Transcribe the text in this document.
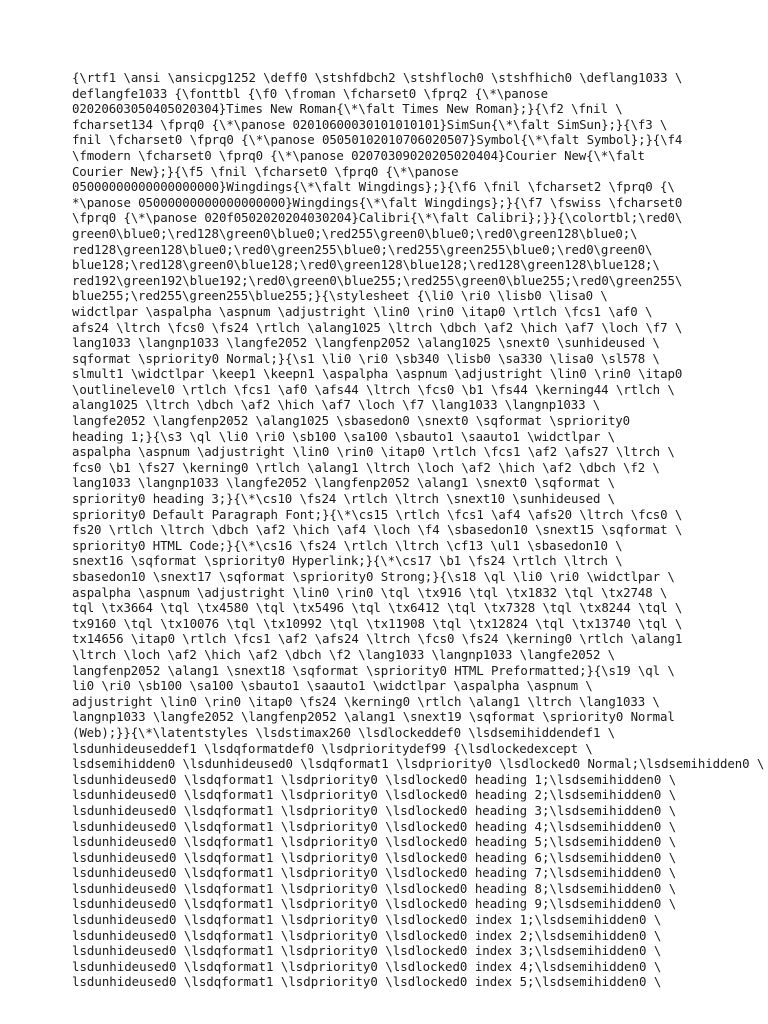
{\rtf1 \ansi \ansicpg1252 \deff0 \stshfdbch2 \stshfloch0 \stshfhich0 \deflang1033 \
deflangfe1033 {\fonttbl {\f0 \froman \fcharset0 \fprq2 {\*\panose
02020603050405020304}Times New Roman{\*\falt Times New Roman};}{\f2 \fnil \
fcharset134 \fprq0 {\*\panose 02010600030101010101}SimSun{\*\falt SimSun};}{\f3 \
fnil \fcharset0 \fprq0 {\*\panose 05050102010706020507}Symbol{\*\falt Symbol};}{\f4
\fmodern \fcharset0 \fprq0 {\*\panose 02070309020205020404}Courier New{\*\falt
Courier New};}{\f5 \fnil \fcharset0 \fprq0 {\*\panose
05000000000000000000}Wingdings{\*\falt Wingdings};}{\f6 \fnil \fcharset2 \fprq0 {\
*\panose 05000000000000000000}Wingdings{\*\falt Wingdings};}{\f7 \fswiss \fcharset0
\fprq0 {\*\panose 020f0502020204030204}Calibri{\*\falt Calibri};}}{\colortbl;\red0\
green0\blue0;\red128\green0\blue0;\red255\green0\blue0;\red0\green128\blue0;\
red128\green128\blue0;\red0\green255\blue0;\red255\green255\blue0;\red0\green0\
blue128;\red128\green0\blue128;\red0\green128\blue128;\red128\green128\blue128;\
red192\green192\blue192;\red0\green0\blue255;\red255\green0\blue255;\red0\green255\
blue255;\red255\green255\blue255;}{\stylesheet {\li0 \ri0 \lisb0 \lisa0 \
widctlpar \aspalpha \aspnum \adjustright \lin0 \rin0 \itap0 \rtlch \fcs1 \af0 \
afs24 \ltrch \fcs0 \fs24 \rtlch \alang1025 \ltrch \dbch \af2 \hich \af7 \loch \f7 \
lang1033 \langnp1033 \langfe2052 \langfenp2052 \alang1025 \snext0 \sunhideused \
sqformat \spriority0 Normal;}{\s1 \li0 \ri0 \sb340 \lisb0 \sa330 \lisa0 \sl578 \
slmult1 \widctlpar \keep1 \keepn1 \aspalpha \aspnum \adjustright \lin0 \rin0 \itap0
\outlinelevel0 \rtlch \fcs1 \af0 \afs44 \ltrch \fcs0 \b1 \fs44 \kerning44 \rtlch \
alang1025 \ltrch \dbch \af2 \hich \af7 \loch \f7 \lang1033 \langnp1033 \
langfe2052 \langfenp2052 \alang1025 \sbasedon0 \snext0 \sqformat \spriority0
heading 1;}{\s3 \ql \li0 \ri0 \sb100 \sa100 \sbauto1 \saauto1 \widctlpar \
aspalpha \aspnum \adjustright \lin0 \rin0 \itap0 \rtlch \fcs1 \af2 \afs27 \ltrch \
fcs0 \b1 \fs27 \kerning0 \rtlch \alang1 \ltrch \loch \af2 \hich \af2 \dbch \f2 \
lang1033 \langnp1033 \langfe2052 \langfenp2052 \alang1 \snext0 \sqformat \
spriority0 heading 3;}{\*\cs10 \fs24 \rtlch \ltrch \snext10 \sunhideused \
spriority0 Default Paragraph Font;}{\*\cs15 \rtlch \fcs1 \af4 \afs20 \ltrch \fcs0 \
fs20 \rtlch \ltrch \dbch \af2 \hich \af4 \loch \f4 \sbasedon10 \snext15 \sqformat \
spriority0 HTML Code;}{\*\cs16 \fs24 \rtlch \ltrch \cf13 \ul1 \sbasedon10 \
snext16 \sqformat \spriority0 Hyperlink;}{\*\cs17 \b1 \fs24 \rtlch \ltrch \
sbasedon10 \snext17 \sqformat \spriority0 Strong;}{\s18 \ql \li0 \ri0 \widctlpar \
aspalpha \aspnum \adjustright \lin0 \rin0 \tql \tx916 \tql \tx1832 \tql \tx2748 \
tql \tx3664 \tql \tx4580 \tql \tx5496 \tql \tx6412 \tql \tx7328 \tql \tx8244 \tql \
tx9160 \tql \tx10076 \tql \tx10992 \tql \tx11908 \tql \tx12824 \tql \tx13740 \tql \
tx14656 \itap0 \rtlch \fcs1 \af2 \afs24 \ltrch \fcs0 \fs24 \kerning0 \rtlch \alang1
\ltrch \loch \af2 \hich \af2 \dbch \f2 \lang1033 \langnp1033 \langfe2052 \
langfenp2052 \alang1 \snext18 \sqformat \spriority0 HTML Preformatted;}{\s19 \ql \
li0 \ri0 \sb100 \sa100 \sbauto1 \saauto1 \widctlpar \aspalpha \aspnum \
adjustright \lin0 \rin0 \itap0 \fs24 \kerning0 \rtlch \alang1 \ltrch \lang1033 \
langnp1033 \langfe2052 \langfenp2052 \alang1 \snext19 \sqformat \spriority0 Normal
(Web);}}{\*\latentstyles \lsdstimax260 \lsdlockeddef0 \lsdsemihiddendef1 \
lsdunhideuseddef1 \lsdqformatdef0 \lsdprioritydef99 {\lsdlockedexcept \
lsdsemihidden0 \lsdunhideused0 \lsdqformat1 \lsdpriority0 \lsdlocked0 Normal;\lsdsemihidden0 \
lsdunhideused0 \lsdqformat1 \lsdpriority0 \lsdlocked0 heading 1;\lsdsemihidden0 \
lsdunhideused0 \lsdqformat1 \lsdpriority0 \lsdlocked0 heading 2;\lsdsemihidden0 \
lsdunhideused0 \lsdqformat1 \lsdpriority0 \lsdlocked0 heading 3;\lsdsemihidden0 \
lsdunhideused0 \lsdqformat1 \lsdpriority0 \lsdlocked0 heading 4;\lsdsemihidden0 \
lsdunhideused0 \lsdqformat1 \lsdpriority0 \lsdlocked0 heading 5;\lsdsemihidden0 \
lsdunhideused0 \lsdqformat1 \lsdpriority0 \lsdlocked0 heading 6;\lsdsemihidden0 \
lsdunhideused0 \lsdqformat1 \lsdpriority0 \lsdlocked0 heading 7;\lsdsemihidden0 \
lsdunhideused0 \lsdqformat1 \lsdpriority0 \lsdlocked0 heading 8;\lsdsemihidden0 \
lsdunhideused0 \lsdqformat1 \lsdpriority0 \lsdlocked0 heading 9;\lsdsemihidden0 \
lsdunhideused0 \lsdqformat1 \lsdpriority0 \lsdlocked0 index 1;\lsdsemihidden0 \
lsdunhideused0 \lsdqformat1 \lsdpriority0 \lsdlocked0 index 2;\lsdsemihidden0 \
lsdunhideused0 \lsdqformat1 \lsdpriority0 \lsdlocked0 index 3;\lsdsemihidden0 \
lsdunhideused0 \lsdqformat1 \lsdpriority0 \lsdlocked0 index 4;\lsdsemihidden0 \
lsdunhideused0 \lsdqformat1 \lsdpriority0 \lsdlocked0 index 5;\lsdsemihidden0 \
